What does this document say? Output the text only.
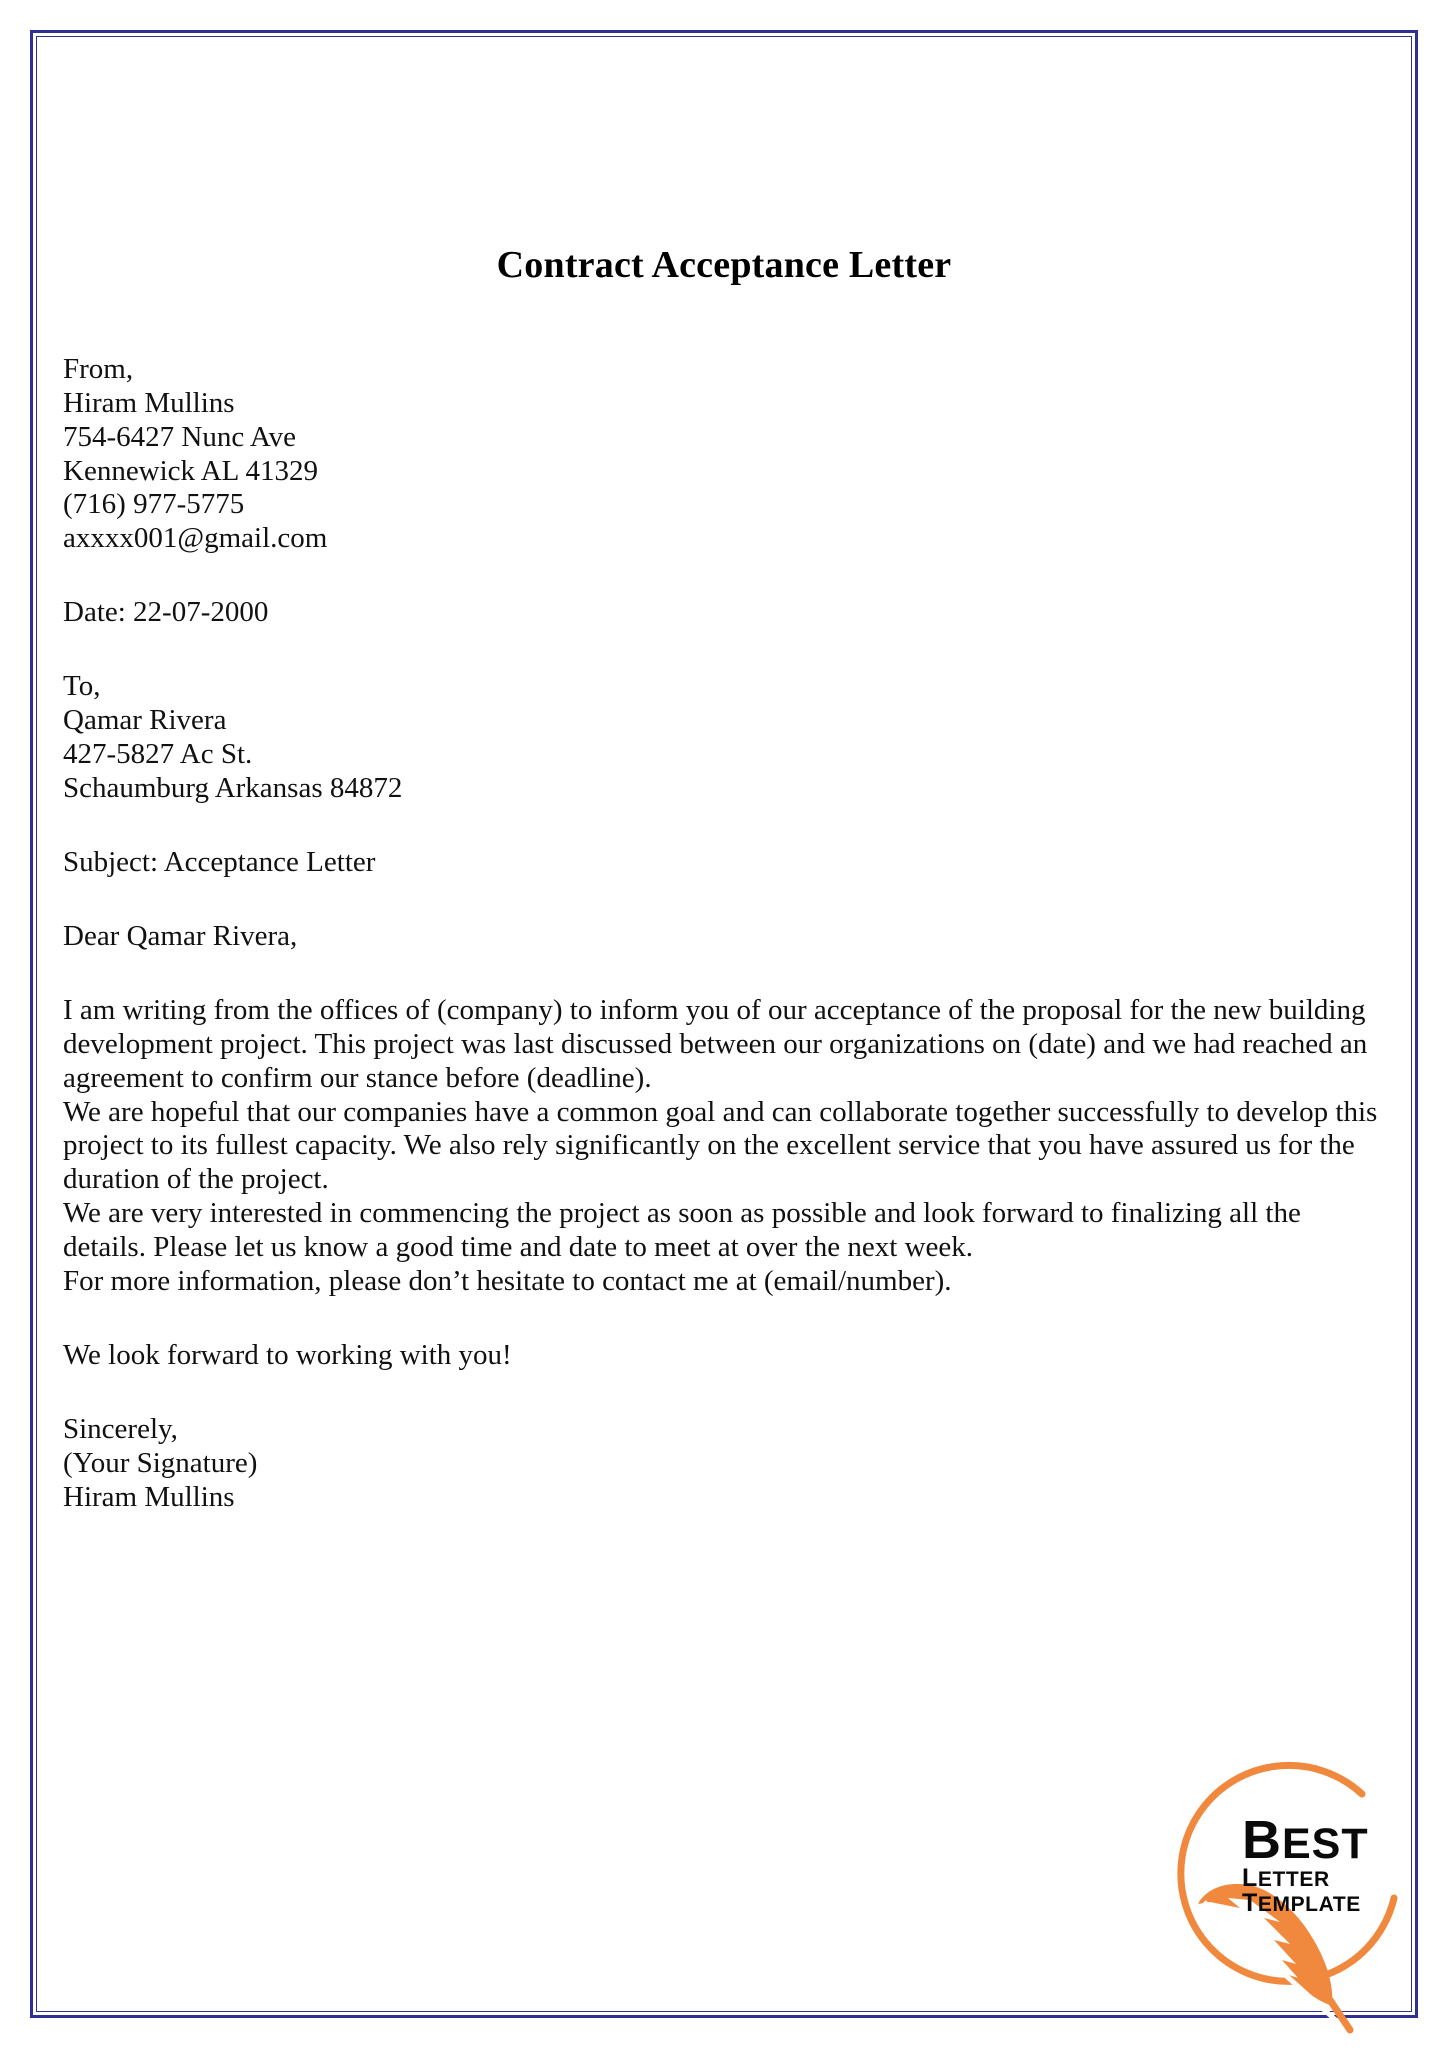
Contract Acceptance Letter
From,
Hiram Mullins
754-6427 Nunc Ave
Kennewick AL 41329
(716) 977-5775
axxxx001@gmail.com
Date: 22-07-2000
To,
Qamar Rivera
427-5827 Ac St.
Schaumburg Arkansas 84872
Subject: Acceptance Letter
Dear Qamar Rivera,
I am writing from the offices of (company) to inform you of our acceptance of the proposal for the new building development project. This project was last discussed between our organizations on (date) and we had reached an agreement to confirm our stance before (deadline).
We are hopeful that our companies have a common goal and can collaborate together successfully to develop this project to its fullest capacity. We also rely significantly on the excellent service that you have assured us for the duration of the project.
We are very interested in commencing the project as soon as possible and look forward to finalizing all the details. Please let us know a good time and date to meet at over the next week.
For more information, please don’t hesitate to contact me at (email/number).
We look forward to working with you!
Sincerely,
(Your Signature)
Hiram Mullins
BEST
LETTER TEMPLATE
